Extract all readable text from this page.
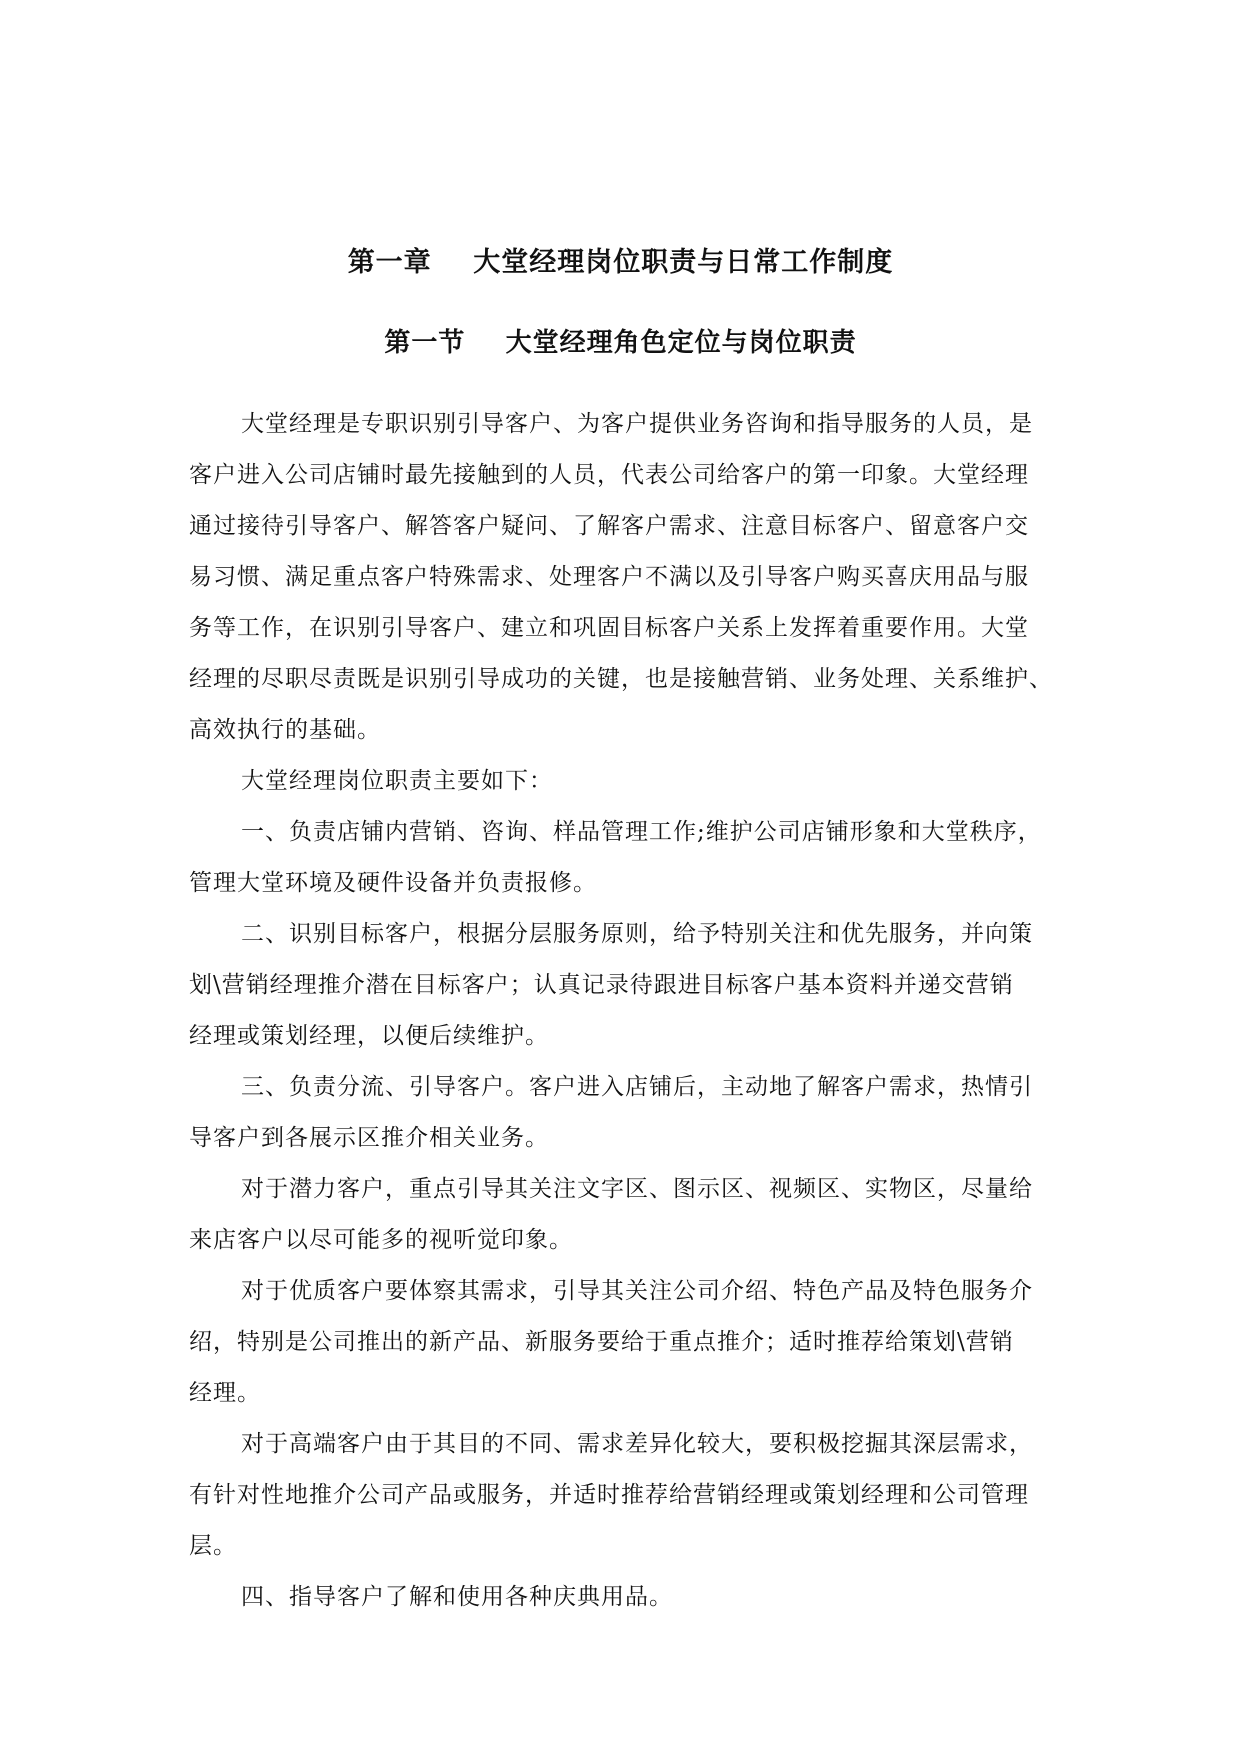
第一章    大堂经理岗位职责与日常工作制度
第一节    大堂经理角色定位与岗位职责

大堂经理是专职识别引导客户、为客户提供业务咨询和指导服务的人员，是
客户进入公司店铺时最先接触到的人员，代表公司给客户的第一印象。大堂经理
通过接待引导客户、解答客户疑问、了解客户需求、注意目标客户、留意客户交
易习惯、满足重点客户特殊需求、处理客户不满以及引导客户购买喜庆用品与服
务等工作，在识别引导客户、建立和巩固目标客户关系上发挥着重要作用。大堂
经理的尽职尽责既是识别引导成功的关键，也是接触营销、业务处理、关系维护、
高效执行的基础。

大堂经理岗位职责主要如下：

一、负责店铺内营销、咨询、样品管理工作;维护公司店铺形象和大堂秩序，
管理大堂环境及硬件设备并负责报修。

二、识别目标客户，根据分层服务原则，给予特别关注和优先服务，并向策
划\营销经理推介潜在目标客户；认真记录待跟进目标客户基本资料并递交营销
经理或策划经理，以便后续维护。

三、负责分流、引导客户。客户进入店铺后，主动地了解客户需求，热情引
导客户到各展示区推介相关业务。

对于潜力客户，重点引导其关注文字区、图示区、视频区、实物区，尽量给
来店客户以尽可能多的视听觉印象。

对于优质客户要体察其需求，引导其关注公司介绍、特色产品及特色服务介
绍，特别是公司推出的新产品、新服务要给于重点推介；适时推荐给策划\营销
经理。

对于高端客户由于其目的不同、需求差异化较大，要积极挖掘其深层需求，
有针对性地推介公司产品或服务，并适时推荐给营销经理或策划经理和公司管理
层。

四、指导客户了解和使用各种庆典用品。
